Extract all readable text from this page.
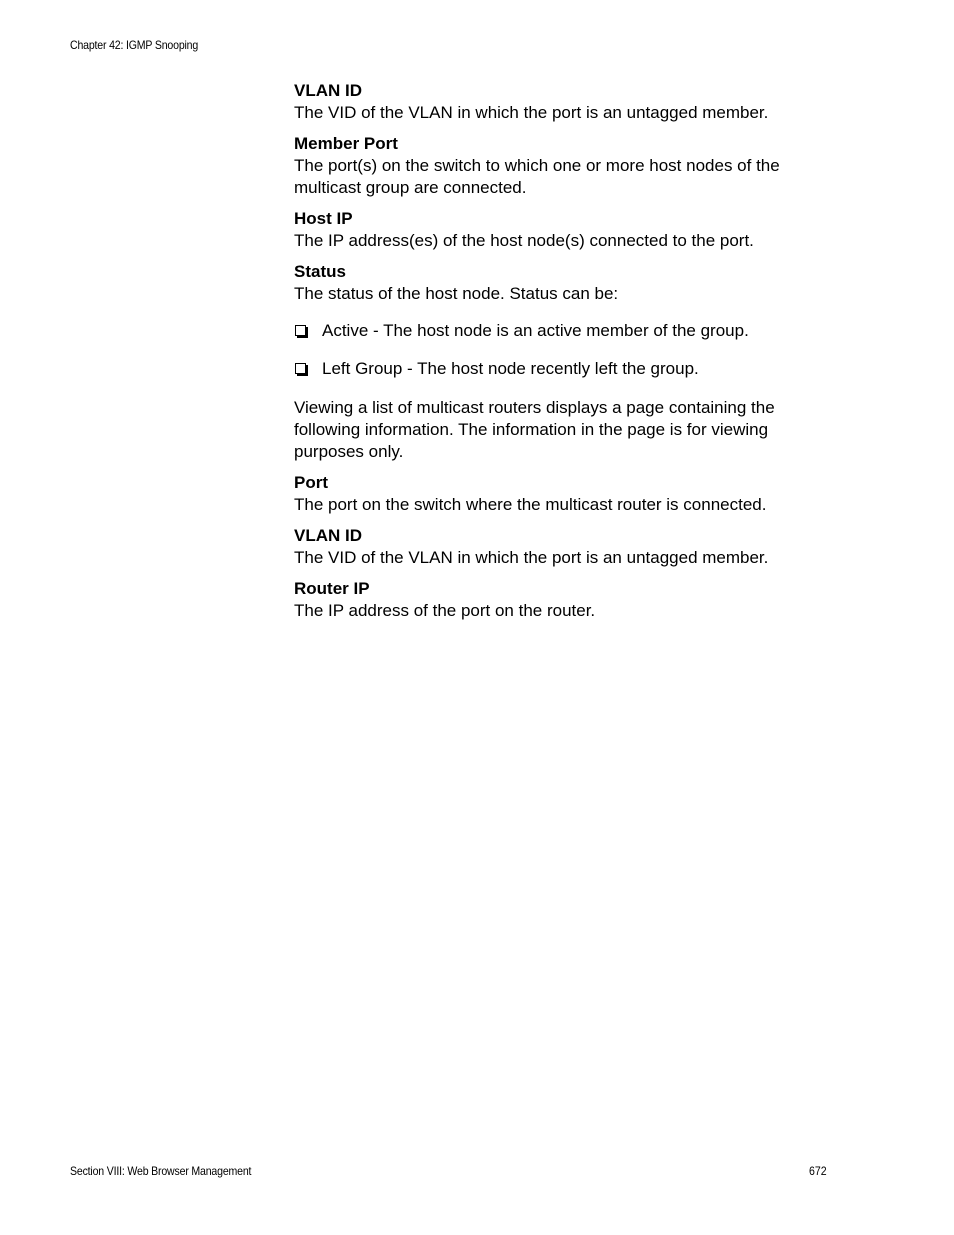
Chapter 42: IGMP Snooping
VLAN ID
The VID of the VLAN in which the port is an untagged member.
Member Port
The port(s) on the switch to which one or more host nodes of the multicast group are connected.
Host IP
The IP address(es) of the host node(s) connected to the port.
Status
The status of the host node. Status can be:
Active - The host node is an active member of the group.
Left Group - The host node recently left the group.
Viewing a list of multicast routers displays a page containing the following information. The information in the page is for viewing purposes only.
Port
The port on the switch where the multicast router is connected.
VLAN ID
The VID of the VLAN in which the port is an untagged member.
Router IP
The IP address of the port on the router.
Section VIII: Web Browser Management	672
